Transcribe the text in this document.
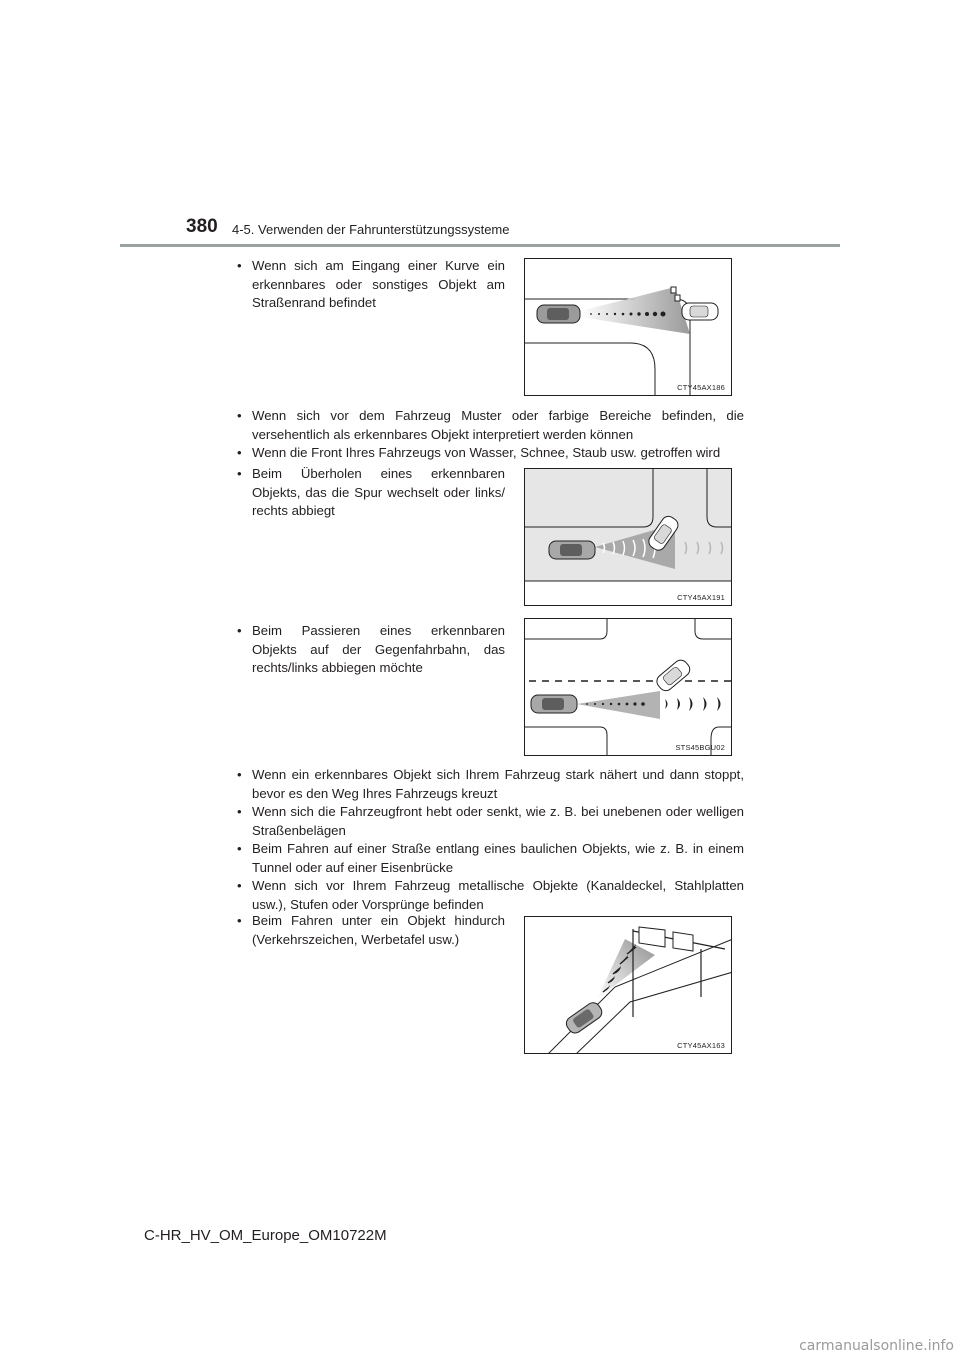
380 4-5. Verwenden der Fahrunterstützungssysteme
• Wenn sich am Eingang einer Kurve ein erkennbares oder sonstiges Objekt am Straßenrand befindet
• Wenn sich vor dem Fahrzeug Muster oder farbige Bereiche befinden, die versehentlich als erkennbares Objekt interpretiert werden können
• Wenn die Front Ihres Fahrzeugs von Wasser, Schnee, Staub usw. getroffen wird
• Beim Überholen eines erkennbaren Objekts, das die Spur wechselt oder links/ rechts abbiegt
• Beim Passieren eines erkennbaren Objekts auf der Gegenfahrbahn, das rechts/links abbiegen möchte
• Wenn ein erkennbares Objekt sich Ihrem Fahrzeug stark nähert und dann stoppt, bevor es den Weg Ihres Fahrzeugs kreuzt
• Wenn sich die Fahrzeugfront hebt oder senkt, wie z. B. bei unebenen oder welligen Straßenbelägen
• Beim Fahren auf einer Straße entlang eines baulichen Objekts, wie z. B. in einem Tunnel oder auf einer Eisenbrücke
• Wenn sich vor Ihrem Fahrzeug metallische Objekte (Kanaldeckel, Stahlplatten usw.), Stufen oder Vorsprünge befinden
• Beim Fahren unter ein Objekt hindurch (Verkehrszeichen, Werbetafel usw.)
CTY45AX186
CTY45AX191
STS45BGU02
CTY45AX163
C-HR_HV_OM_Europe_OM10722M
carmanualsonline.info
